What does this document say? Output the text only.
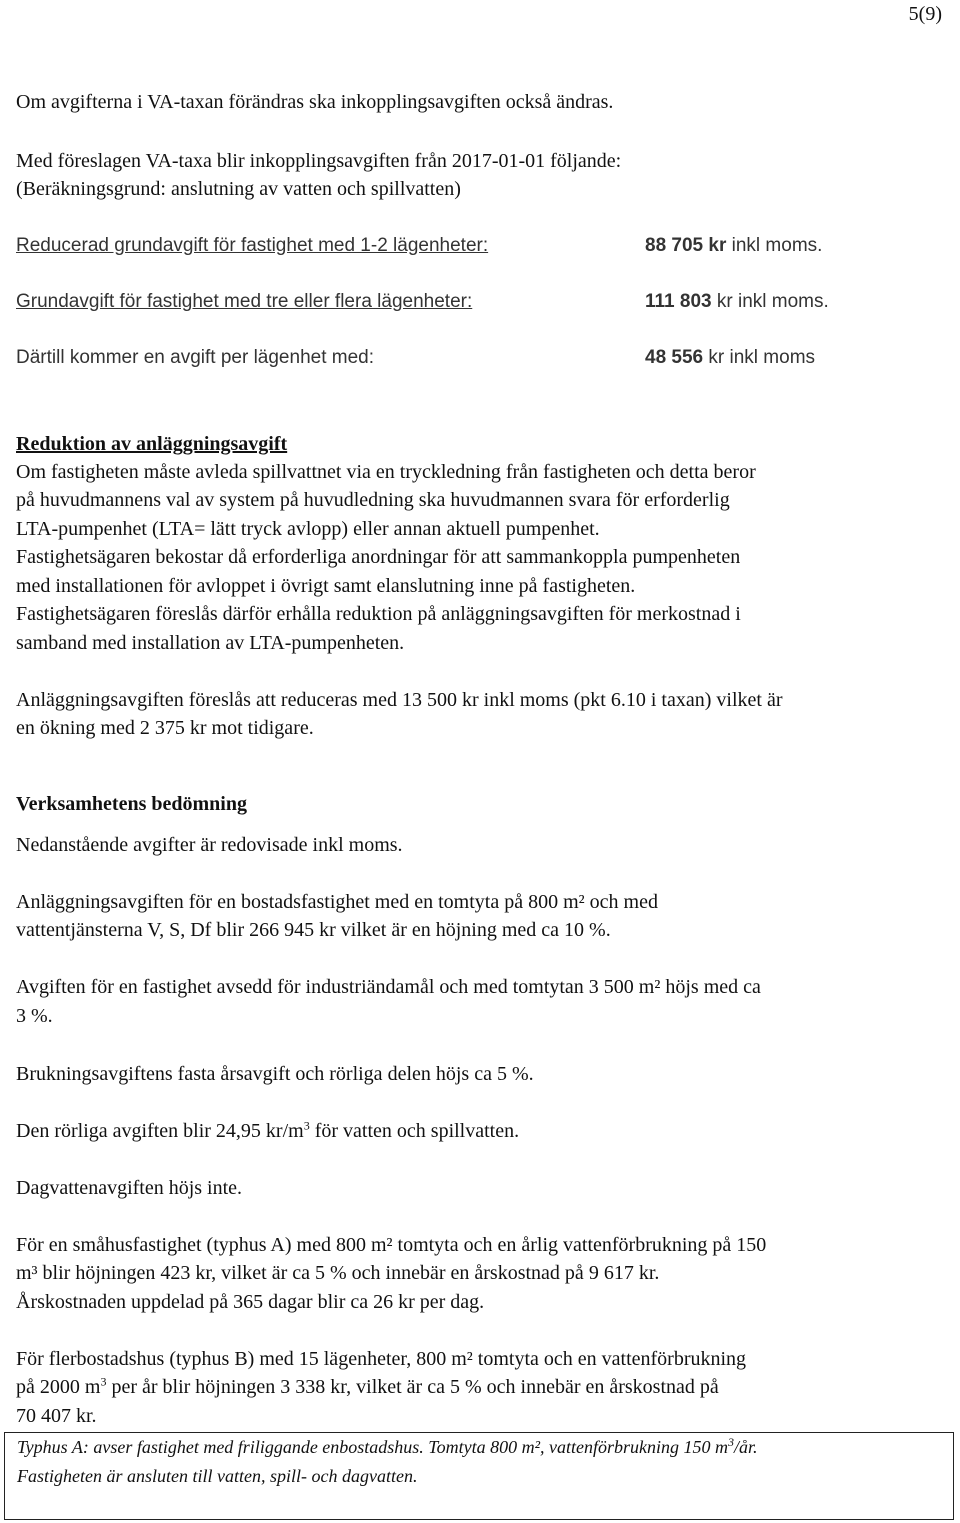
5(9)
Om avgifterna i VA-taxan förändras ska inkopplingsavgiften också ändras.
Med föreslagen VA-taxa blir inkopplingsavgiften från 2017-01-01 följande:
(Beräkningsgrund: anslutning av vatten och spillvatten)
Reducerad grundavgift för fastighet med 1-2 lägenheter:	88 705 kr inkl moms.
Grundavgift för fastighet med tre eller flera lägenheter:	111 803 kr inkl moms.
Därtill kommer en avgift per lägenhet med:	48 556 kr inkl moms
Reduktion av anläggningsavgift
Om fastigheten måste avleda spillvattnet via en tryckledning från fastigheten och detta beror
på huvudmannens val av system på huvudledning ska huvudmannen svara för erforderlig
LTA-pumpenhet (LTA= lätt tryck avlopp) eller annan aktuell pumpenhet.
Fastighetsägaren bekostar då erforderliga anordningar för att sammankoppla pumpenheten
med installationen för avloppet i övrigt samt elanslutning inne på fastigheten.
Fastighetsägaren föreslås därför erhålla reduktion på anläggningsavgiften för merkostnad i
samband med installation av LTA-pumpenheten.
Anläggningsavgiften föreslås att reduceras med 13 500 kr inkl moms (pkt 6.10 i taxan) vilket är
en ökning med 2 375 kr mot tidigare.
Verksamhetens bedömning
Nedanstående avgifter är redovisade inkl moms.
Anläggningsavgiften för en bostadsfastighet med en tomtyta på 800 m² och med
vattentjänsterna V, S, Df blir 266 945 kr vilket är en höjning med ca 10 %.
Avgiften för en fastighet avsedd för industriändamål och med tomtytan 3 500 m² höjs med ca
3 %.
Brukningsavgiftens fasta årsavgift och rörliga delen höjs ca 5 %.
Den rörliga avgiften blir 24,95 $kr/m^3$ för vatten och spillvatten.
Dagvattenavgiften höjs inte.
För en småhusfastighet (typhus A) med 800 m² tomtyta och en årlig vattenförbrukning på 150
m³ blir höjningen 423 kr, vilket är ca 5 % och innebär en årskostnad på 9 617 kr.
Årskostnaden uppdelad på 365 dagar blir ca 26 kr per dag.
För flerbostadshus (typhus B) med 15 lägenheter, 800 m² tomtyta och en vattenförbrukning
på 2000 $m^3$ per år blir höjningen 3 338 kr, vilket är ca 5 % och innebär en årskostnad på
70 407 kr.
Typhus A: avser fastighet med friliggande enbostadshus. Tomtyta 800 m², vattenförbrukning 150 $m^3/år$.
Fastigheten är ansluten till vatten, spill- och dagvatten.
